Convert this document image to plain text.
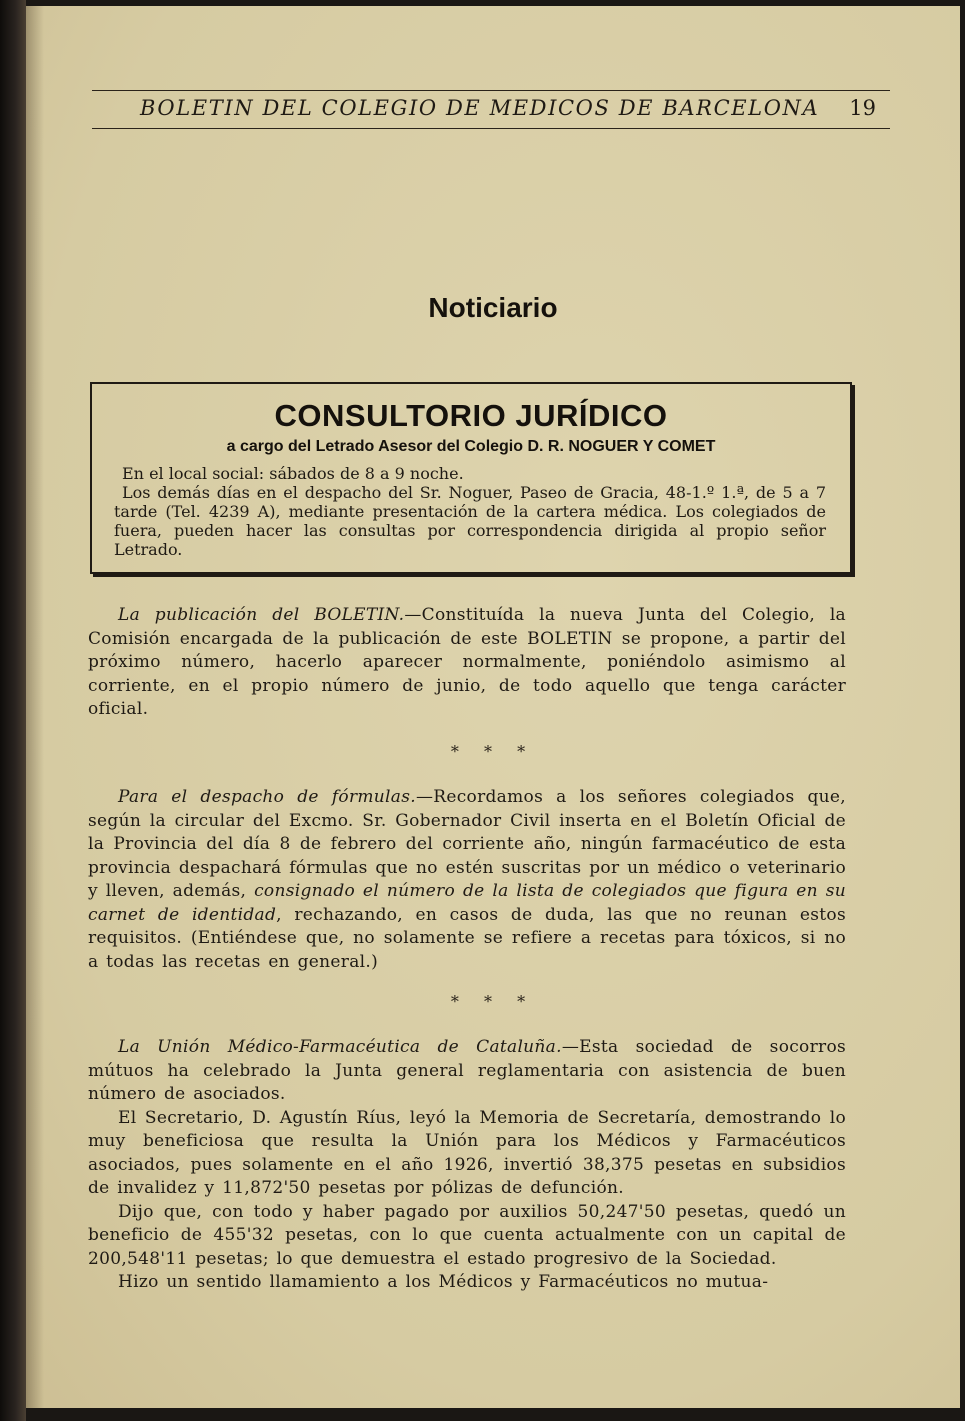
BOLETIN DEL COLEGIO DE MEDICOS DE BARCELONA 19
Noticiario
CONSULTORIO JURÍDICO
a cargo del Letrado Asesor del Colegio D. R. NOGUER Y COMET

En el local social: sábados de 8 a 9 noche.

Los demás días en el despacho del Sr. Noguer, Paseo de Gracia, 48-1.º 1.ª, de 5 a 7 tarde (Tel. 4239 A), mediante presentación de la cartera médica. Los colegiados de fuera, pueden hacer las consultas por correspondencia dirigida al propio señor Letrado.

La publicación del BOLETIN.—Constituída la nueva Junta del Colegio, la Comisión encargada de la publicación de este BOLETIN se propone, a partir del próximo número, hacerlo aparecer normalmente, poniéndolo asimismo al corriente, en el propio número de junio, de todo aquello que tenga carácter oficial.

* * *

Para el despacho de fórmulas.—Recordamos a los señores colegiados que, según la circular del Excmo. Sr. Gobernador Civil inserta en el Boletín Oficial de la Provincia del día 8 de febrero del corriente año, ningún farmacéutico de esta provincia despachará fórmulas que no estén suscritas por un médico o veterinario y lleven, además, consignado el número de la lista de colegiados que figura en su carnet de identidad, rechazando, en casos de duda, las que no reunan estos requisitos. (Entiéndese que, no solamente se refiere a recetas para tóxicos, si no a todas las recetas en general.)

* * *

La Unión Médico-Farmacéutica de Cataluña.—Esta sociedad de socorros mútuos ha celebrado la Junta general reglamentaria con asistencia de buen número de asociados.

El Secretario, D. Agustín Ríus, leyó la Memoria de Secretaría, demostrando lo muy beneficiosa que resulta la Unión para los Médicos y Farmacéuticos asociados, pues solamente en el año 1926, invertió 38,375 pesetas en subsidios de invalidez y 11,872'50 pesetas por pólizas de defunción.

Dijo que, con todo y haber pagado por auxilios 50,247'50 pesetas, quedó un beneficio de 455'32 pesetas, con lo que cuenta actualmente con un capital de 200,548'11 pesetas; lo que demuestra el estado progresivo de la Sociedad.

Hizo un sentido llamamiento a los Médicos y Farmacéuticos no mutua-
